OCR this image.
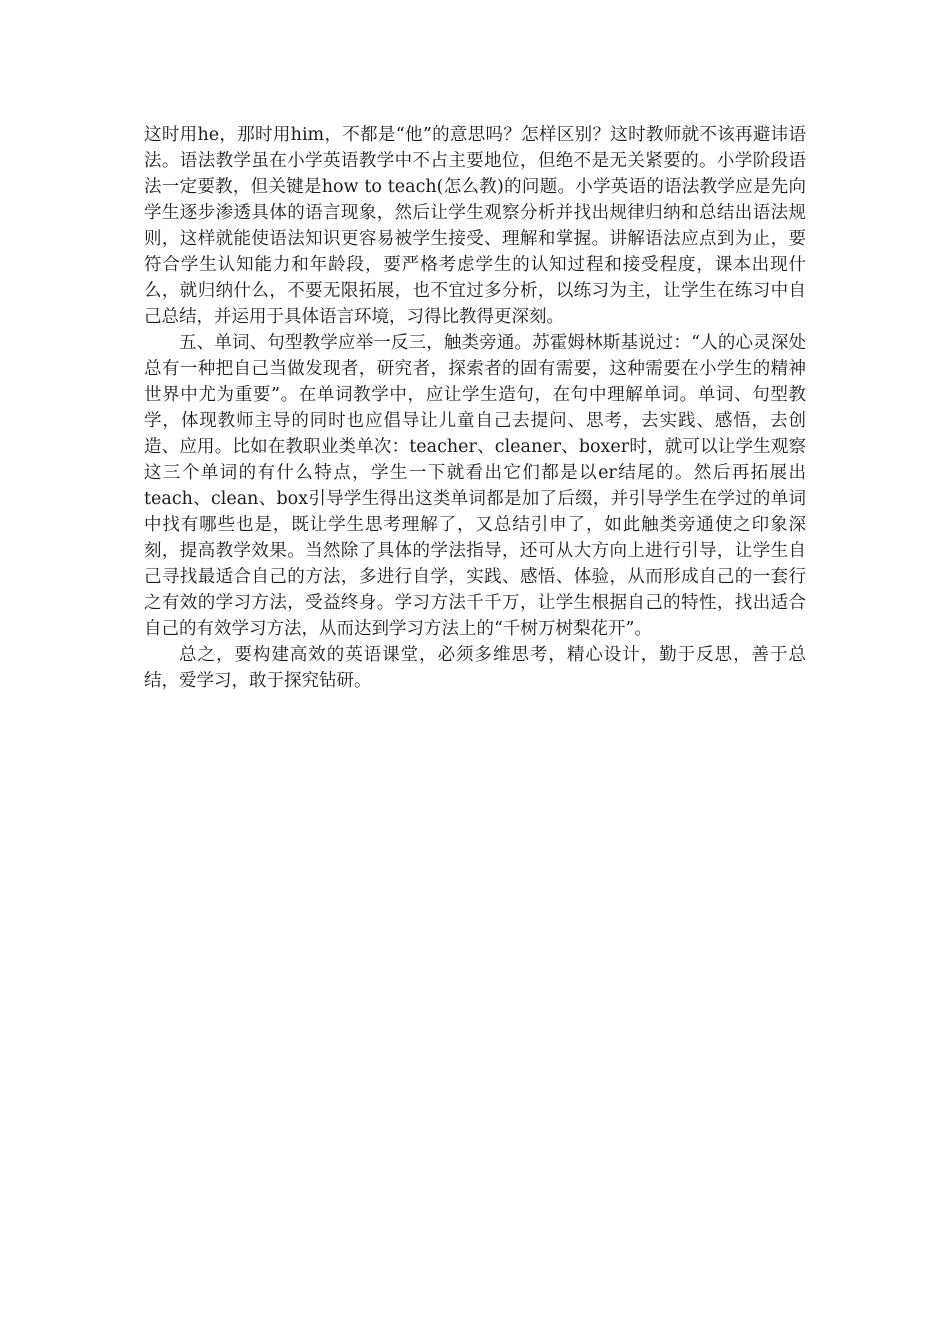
这时用he，那时用him，不都是“他”的意思吗？怎样区别？这时教师就不该再避讳语法。语法教学虽在小学英语教学中不占主要地位，但绝不是无关紧要的。小学阶段语法一定要教，但关键是how to teach(怎么教)的问题。小学英语的语法教学应是先向学生逐步渗透具体的语言现象，然后让学生观察分析并找出规律归纳和总结出语法规则，这样就能使语法知识更容易被学生接受、理解和掌握。讲解语法应点到为止，要符合学生认知能力和年龄段，要严格考虑学生的认知过程和接受程度，课本出现什么，就归纳什么，不要无限拓展，也不宜过多分析，以练习为主，让学生在练习中自己总结，并运用于具体语言环境，习得比教得更深刻。

五、单词、句型教学应举一反三，触类旁通。苏霍姆林斯基说过：“人的心灵深处总有一种把自己当做发现者，研究者，探索者的固有需要，这种需要在小学生的精神世界中尤为重要”。在单词教学中，应让学生造句，在句中理解单词。单词、句型教学，体现教师主导的同时也应倡导让儿童自己去提问、思考，去实践、感悟，去创造、应用。比如在教职业类单次：teacher、cleaner、boxer时，就可以让学生观察这三个单词的有什么特点，学生一下就看出它们都是以er结尾的。然后再拓展出teach、clean、box引导学生得出这类单词都是加了后缀，并引导学生在学过的单词中找有哪些也是，既让学生思考理解了，又总结引申了，如此触类旁通使之印象深刻，提高教学效果。当然除了具体的学法指导，还可从大方向上进行引导，让学生自己寻找最适合自己的方法，多进行自学，实践、感悟、体验，从而形成自己的一套行之有效的学习方法，受益终身。学习方法千千万，让学生根据自己的特性，找出适合自己的有效学习方法，从而达到学习方法上的“千树万树梨花开”。

总之，要构建高效的英语课堂，必须多维思考，精心设计，勤于反思，善于总结，爱学习，敢于探究钻研。
